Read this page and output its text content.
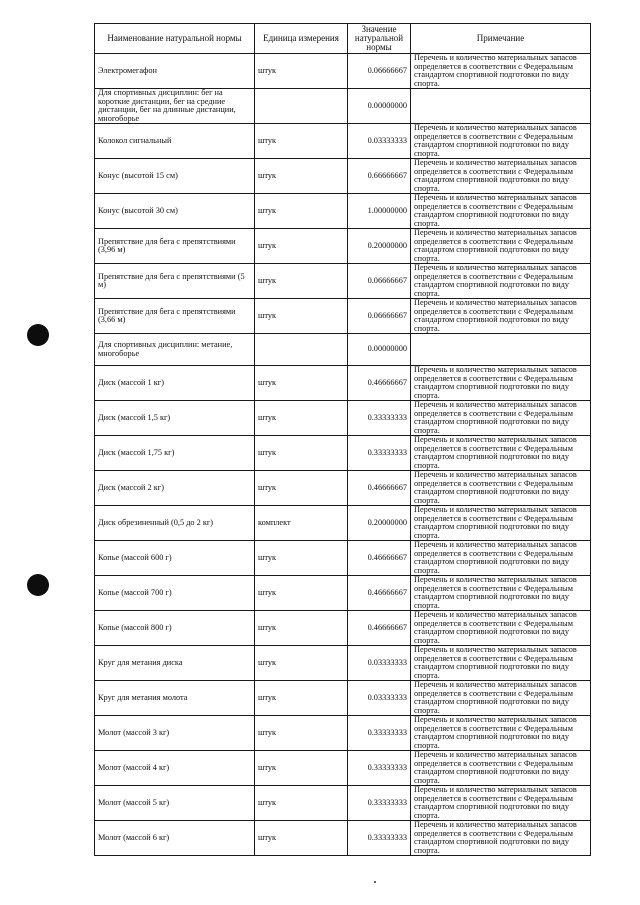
Наименование натуральной нормы	Единица измерения	Значение натуральной нормы	Примечание
Электромегафон	штук	0.06666667	Перечень и количество материальных запасов определяется в соответствии с Федеральным стандартом спортивной подготовки по виду спорта.
Для спортивных дисциплин: бег на короткие дистанции, бег на средние дистанции, бег на длинные дистанции, многоборье		0.00000000	
Колокол сигнальный	штук	0.03333333	Перечень и количество материальных запасов определяется в соответствии с Федеральным стандартом спортивной подготовки по виду спорта.
Конус (высотой 15 см)	штук	0.66666667	Перечень и количество материальных запасов определяется в соответствии с Федеральным стандартом спортивной подготовки по виду спорта.
Конус (высотой 30 см)	штук	1.00000000	Перечень и количество материальных запасов определяется в соответствии с Федеральным стандартом спортивной подготовки по виду спорта.
Препятствие для бега с препятствиями (3,96 м)	штук	0.20000000	Перечень и количество материальных запасов определяется в соответствии с Федеральным стандартом спортивной подготовки по виду спорта.
Препятствие для бега с препятствиями (5 м)	штук	0.06666667	Перечень и количество материальных запасов определяется в соответствии с Федеральным стандартом спортивной подготовки по виду спорта.
Препятствие для бега с препятствиями (3,66 м)	штук	0.06666667	Перечень и количество материальных запасов определяется в соответствии с Федеральным стандартом спортивной подготовки по виду спорта.
Для спортивных дисциплин: метание, многоборье		0.00000000	
Диск (массой 1 кг)	штук	0.46666667	Перечень и количество материальных запасов определяется в соответствии с Федеральным стандартом спортивной подготовки по виду спорта.
Диск (массой 1,5 кг)	штук	0.33333333	Перечень и количество материальных запасов определяется в соответствии с Федеральным стандартом спортивной подготовки по виду спорта.
Диск (массой 1,75 кг)	штук	0.33333333	Перечень и количество материальных запасов определяется в соответствии с Федеральным стандартом спортивной подготовки по виду спорта.
Диск (массой 2 кг)	штук	0.46666667	Перечень и количество материальных запасов определяется в соответствии с Федеральным стандартом спортивной подготовки по виду спорта.
Диск обрезиненный (0,5 до 2 кг)	комплект	0.20000000	Перечень и количество материальных запасов определяется в соответствии с Федеральным стандартом спортивной подготовки по виду спорта.
Копье (массой 600 г)	штук	0.46666667	Перечень и количество материальных запасов определяется в соответствии с Федеральным стандартом спортивной подготовки по виду спорта.
Копье (массой 700 г)	штук	0.46666667	Перечень и количество материальных запасов определяется в соответствии с Федеральным стандартом спортивной подготовки по виду спорта.
Копье (массой 800 г)	штук	0.46666667	Перечень и количество материальных запасов определяется в соответствии с Федеральным стандартом спортивной подготовки по виду спорта.
Круг для метания диска	штук	0.03333333	Перечень и количество материальных запасов определяется в соответствии с Федеральным стандартом спортивной подготовки по виду спорта.
Круг для метания молота	штук	0.03333333	Перечень и количество материальных запасов определяется в соответствии с Федеральным стандартом спортивной подготовки по виду спорта.
Молот (массой 3 кг)	штук	0.33333333	Перечень и количество материальных запасов определяется в соответствии с Федеральным стандартом спортивной подготовки по виду спорта.
Молот (массой 4 кг)	штук	0.33333333	Перечень и количество материальных запасов определяется в соответствии с Федеральным стандартом спортивной подготовки по виду спорта.
Молот (массой 5 кг)	штук	0.33333333	Перечень и количество материальных запасов определяется в соответствии с Федеральным стандартом спортивной подготовки по виду спорта.
Молот (массой 6 кг)	штук	0.33333333	Перечень и количество материальных запасов определяется в соответствии с Федеральным стандартом спортивной подготовки по виду спорта.
